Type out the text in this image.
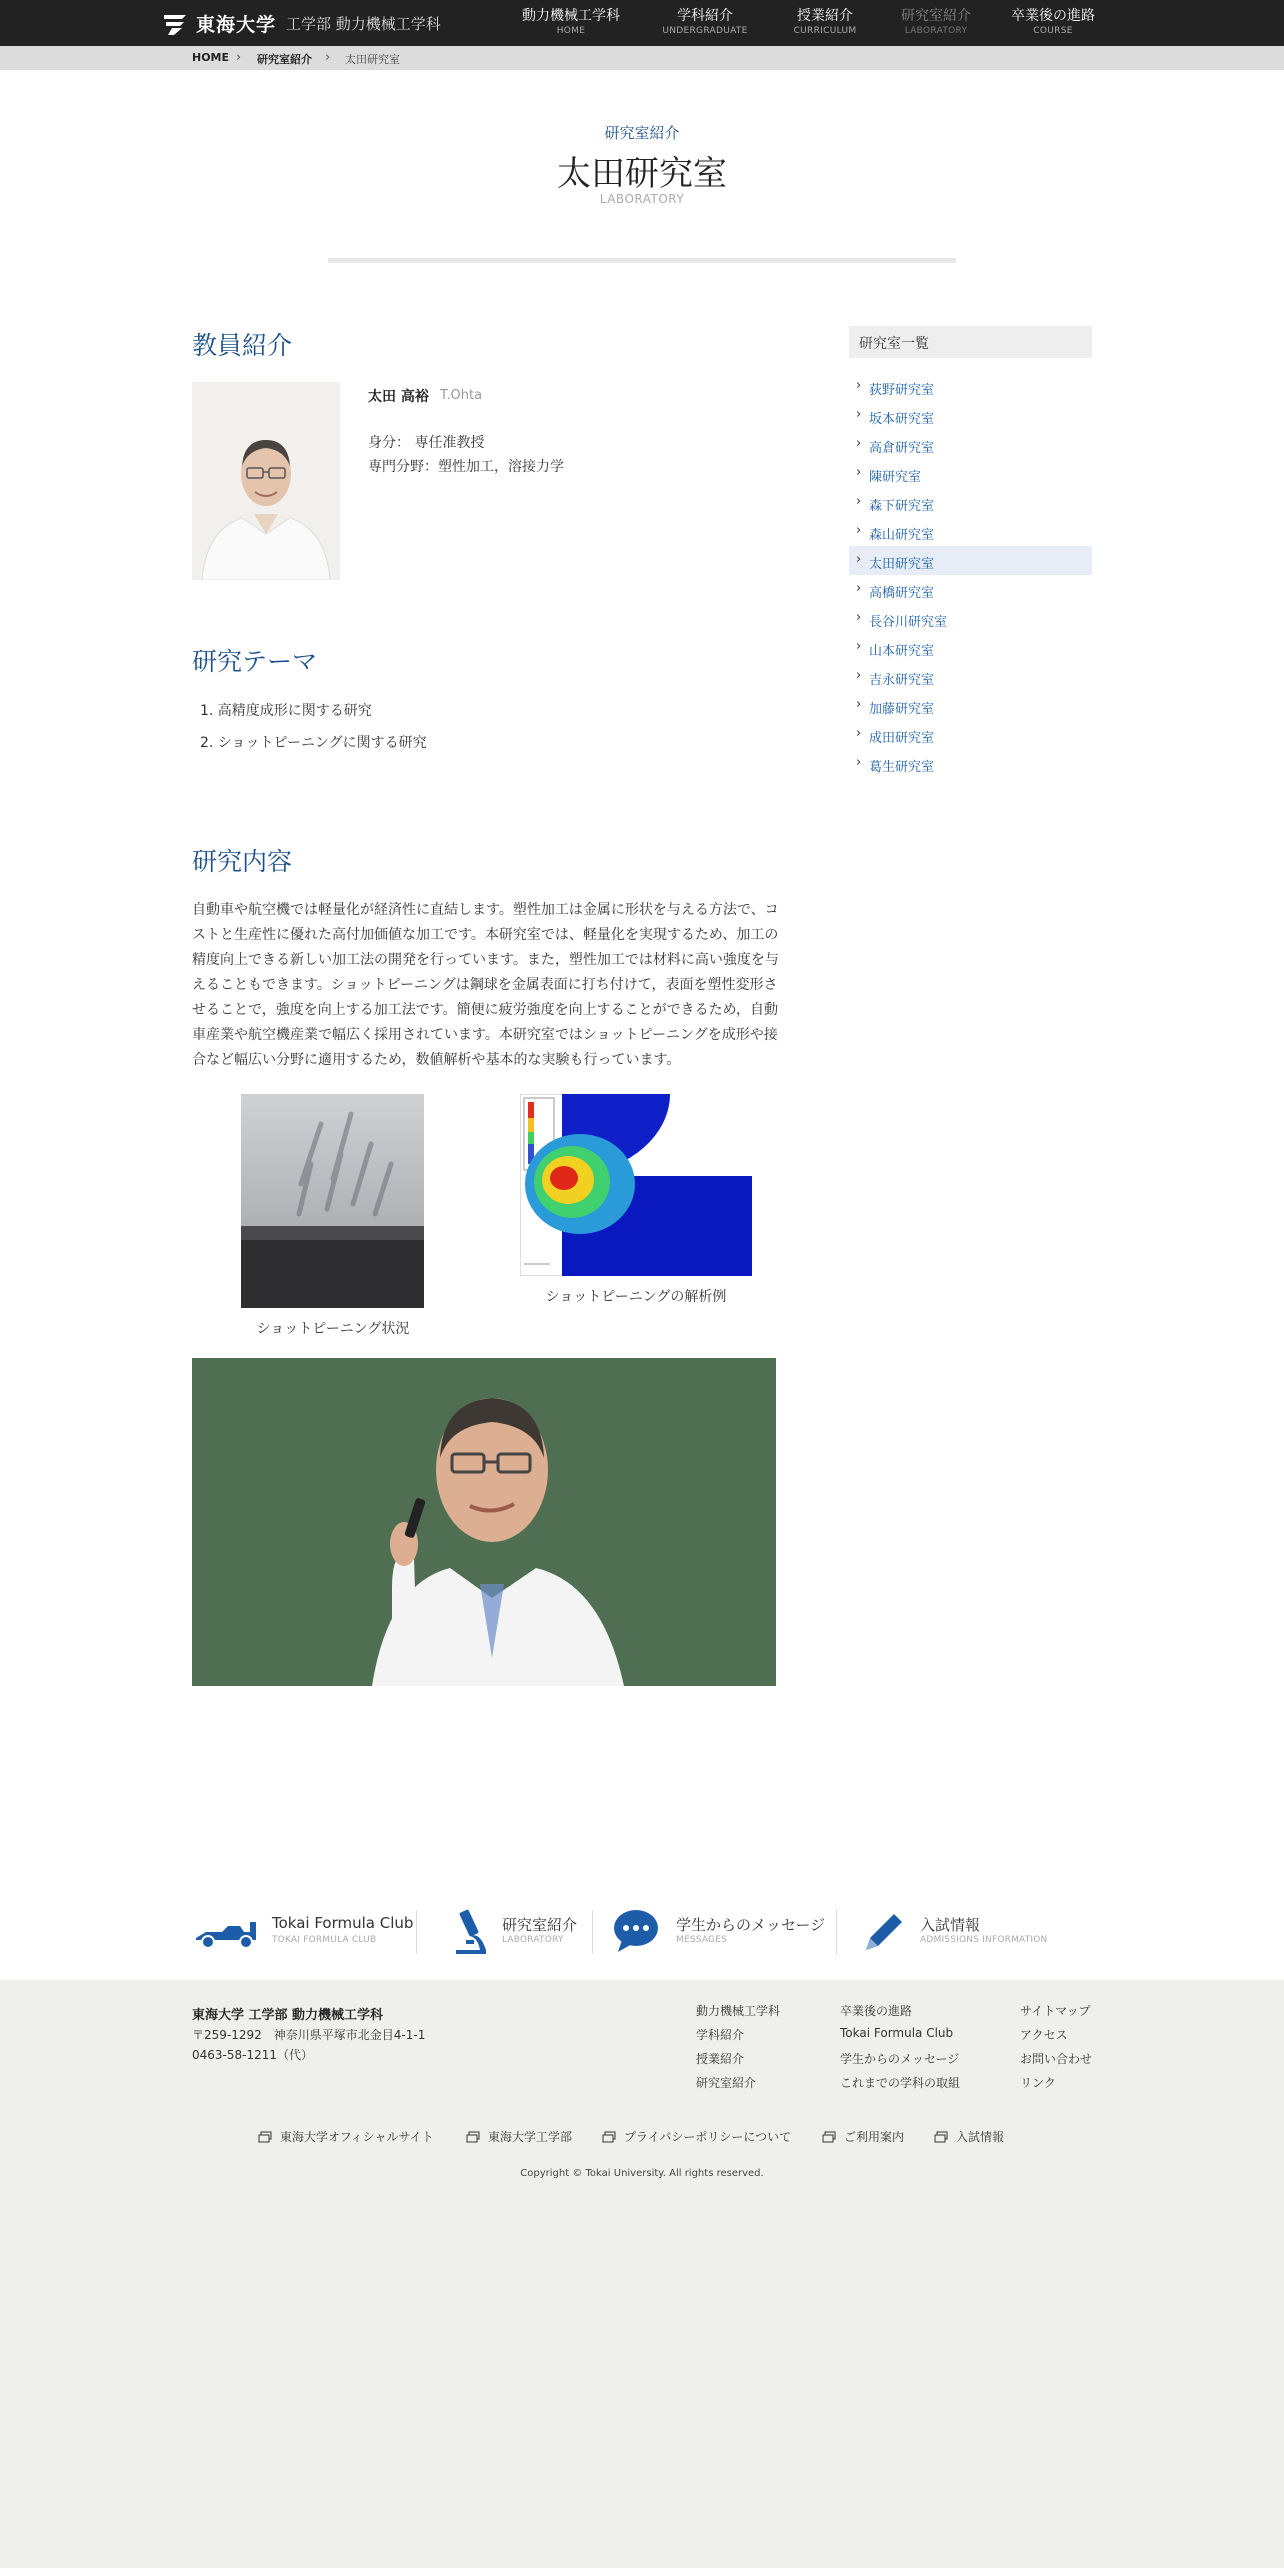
東海大学 工学部 動力機械工学科	動力機械工学科
HOME
学科紹介
UNDERGRADUATE
授業紹介
CURRICULUM
研究室紹介
LABORATORY
卒業後の進路
COURSE
HOME › 研究室紹介 › 太田研究室
研究室紹介
太田研究室
LABORATORY
教員紹介
太田 高裕 T.Ohta
身分： 専任准教授
専門分野：塑性加工，溶接力学
研究テーマ
1. 高精度成形に関する研究
2. ショットピーニングに関する研究
研究内容

自動車や航空機では軽量化が経済性に直結します。塑性加工は金属に形状を与える方法で、コストと生産性に優れた高付加価値な加工です。本研究室では、軽量化を実現するため、加工の精度向上できる新しい加工法の開発を行っています。また，塑性加工では材料に高い強度を与えることもできます。ショットピーニングは鋼球を金属表面に打ち付けて，表面を塑性変形させることで，強度を向上する加工法です。簡便に疲労強度を向上することができるため，自動車産業や航空機産業で幅広く採用されています。本研究室ではショットピーニングを成形や接合など幅広い分野に適用するため，数値解析や基本的な実験も行っています。

ショットピーニング状況
ショットピーニングの解析例
研究室一覧
› 荻野研究室
› 坂本研究室
› 高倉研究室
› 陳研究室
› 森下研究室
› 森山研究室
› 太田研究室
› 高橋研究室
› 長谷川研究室
› 山本研究室
› 吉永研究室
› 加藤研究室
› 成田研究室
› 葛生研究室
Tokai Formula Club
TOKAI FORMULA CLUB
研究室紹介
LABORATORY
学生からのメッセージ
MESSAGES
入試情報
ADMISSIONS INFORMATION
東海大学 工学部 動力機械工学科
〒259-1292　神奈川県平塚市北金目4-1-1
0463-58-1211（代）
動力機械工学科
学科紹介
授業紹介
研究室紹介
卒業後の進路
Tokai Formula Club
学生からのメッセージ
これまでの学科の取組
サイトマップ
アクセス
お問い合わせ
リンク
東海大学オフィシャルサイト	東海大学工学部	プライバシーポリシーについて	ご利用案内	入試情報
Copyright © Tokai University. All rights reserved.
